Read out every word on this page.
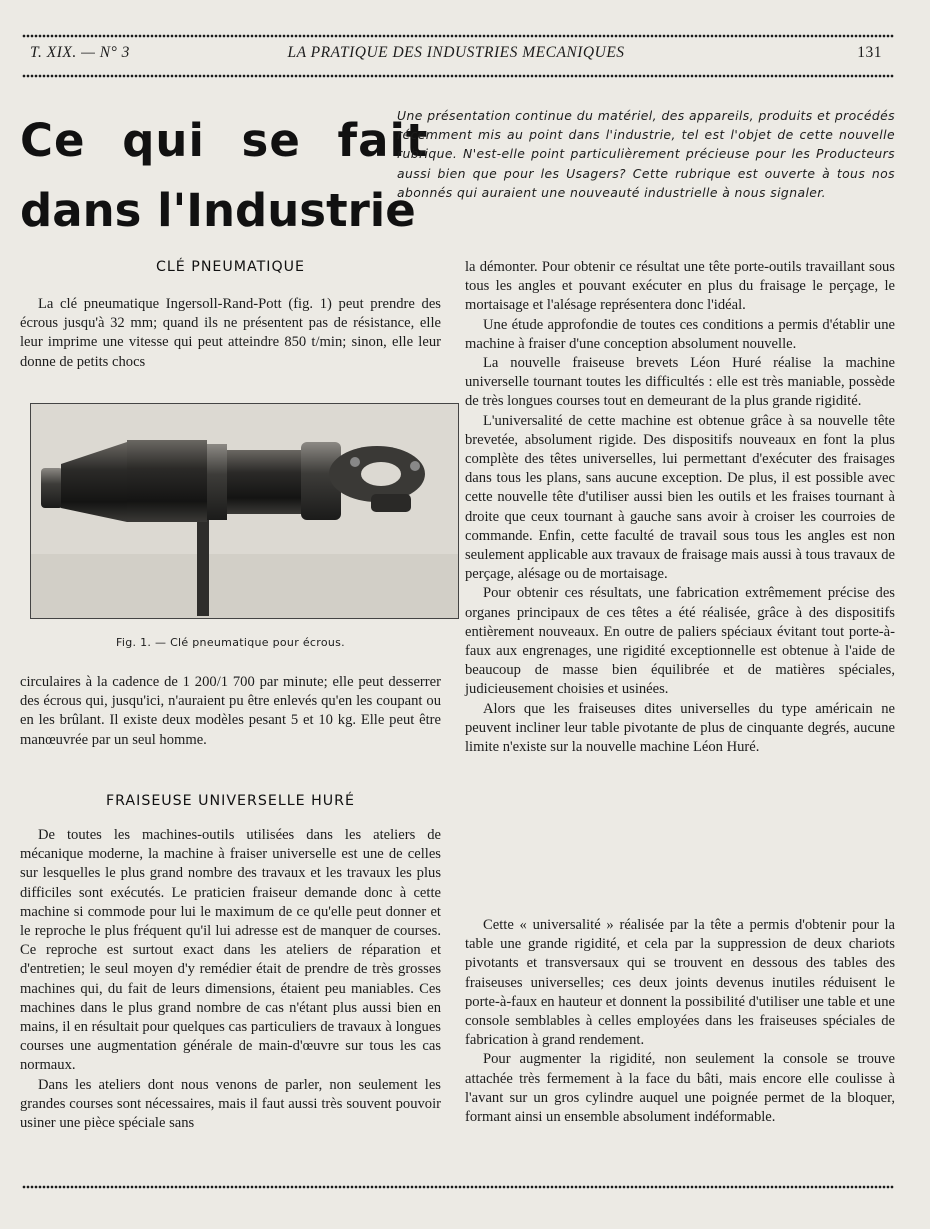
T. XIX. — N° 3	LA PRATIQUE DES INDUSTRIES MECANIQUES	131
Ce qui se fait
dans l'Industrie
Une présentation continue du matériel, des appareils, produits et procédés récemment mis au point dans l'industrie, tel est l'objet de cette nouvelle rubrique. N'est-elle point particulièrement précieuse pour les Producteurs aussi bien que pour les Usagers? Cette rubrique est ouverte à tous nos abonnés qui auraient une nouveauté industrielle à nous signaler.
CLÉ PNEUMATIQUE

La clé pneumatique Ingersoll-Rand-Pott (fig. 1) peut prendre des écrous jusqu'à 32 mm; quand ils ne présentent pas de résistance, elle leur imprime une vitesse qui peut atteindre 850 t/min; sinon, elle leur donne de petits chocs

Fig. 1. — Clé pneumatique pour écrous.

circulaires à la cadence de 1 200/1 700 par minute; elle peut desserrer des écrous qui, jusqu'ici, n'auraient pu être enlevés qu'en les coupant ou en les brûlant. Il existe deux modèles pesant 5 et 10 kg. Elle peut être manœuvrée par un seul homme.

FRAISEUSE UNIVERSELLE HURÉ

De toutes les machines-outils utilisées dans les ateliers de mécanique moderne, la machine à fraiser universelle est une de celles sur lesquelles le plus grand nombre des travaux et les travaux les plus difficiles sont exécutés. Le praticien fraiseur demande donc à cette machine si commode pour lui le maximum de ce qu'elle peut donner et le reproche le plus fréquent qu'il lui adresse est de manquer de courses. Ce reproche est surtout exact dans les ateliers de réparation et d'entretien; le seul moyen d'y remédier était de prendre de très grosses machines qui, du fait de leurs dimensions, étaient peu maniables. Ces machines dans le plus grand nombre de cas n'étant plus aussi bien en mains, il en résultait pour quelques cas particuliers de travaux à longues courses une augmentation générale de main-d'œuvre sur tous les cas normaux.

Dans les ateliers dont nous venons de parler, non seulement les grandes courses sont nécessaires, mais il faut aussi très souvent pouvoir usiner une pièce spéciale sans

la démonter. Pour obtenir ce résultat une tête porte-outils travaillant sous tous les angles et pouvant exécuter en plus du fraisage le perçage, le mortaisage et l'alésage représentera donc l'idéal.

Une étude approfondie de toutes ces conditions a permis d'établir une machine à fraiser d'une conception absolument nouvelle.

La nouvelle fraiseuse brevets Léon Huré réalise la machine universelle tournant toutes les difficultés : elle est très maniable, possède de très longues courses tout en demeurant de la plus grande rigidité.

L'universalité de cette machine est obtenue grâce à sa nouvelle tête brevetée, absolument rigide. Des dispositifs nouveaux en font la plus complète des têtes universelles, lui permettant d'exécuter des fraisages dans tous les plans, sans aucune exception. De plus, il est possible avec cette nouvelle tête d'utiliser aussi bien les outils et les fraises tournant à droite que ceux tournant à gauche sans avoir à croiser les courroies de commande. Enfin, cette faculté de travail sous tous les angles est non seulement applicable aux travaux de fraisage mais aussi à tous travaux de perçage, alésage ou de mortaisage.

Pour obtenir ces résultats, une fabrication extrêmement précise des organes principaux de ces têtes a été réalisée, grâce à des dispositifs entièrement nouveaux. En outre de paliers spéciaux évitant tout porte-à-faux aux engrenages, une rigidité exceptionnelle est obtenue à l'aide de beaucoup de masse bien équilibrée et de matières spéciales, judicieusement choisies et usinées.

Alors que les fraiseuses dites universelles du type américain ne peuvent incliner leur table pivotante de plus de cinquante degrés, aucune limite n'existe sur la nouvelle machine Léon Huré.

Cette « universalité » réalisée par la tête a permis d'obtenir pour la table une grande rigidité, et cela par la suppression de deux chariots pivotants et transversaux qui se trouvent en dessous des tables des fraiseuses universelles; ces deux joints devenus inutiles réduisent le porte-à-faux en hauteur et donnent la possibilité d'utiliser une table et une console semblables à celles employées dans les fraiseuses spéciales de fabrication à grand rendement.

Pour augmenter la rigidité, non seulement la console se trouve attachée très fermement à la face du bâti, mais encore elle coulisse à l'avant sur un gros cylindre auquel une poignée permet de la bloquer, formant ainsi un ensemble absolument indéformable.
